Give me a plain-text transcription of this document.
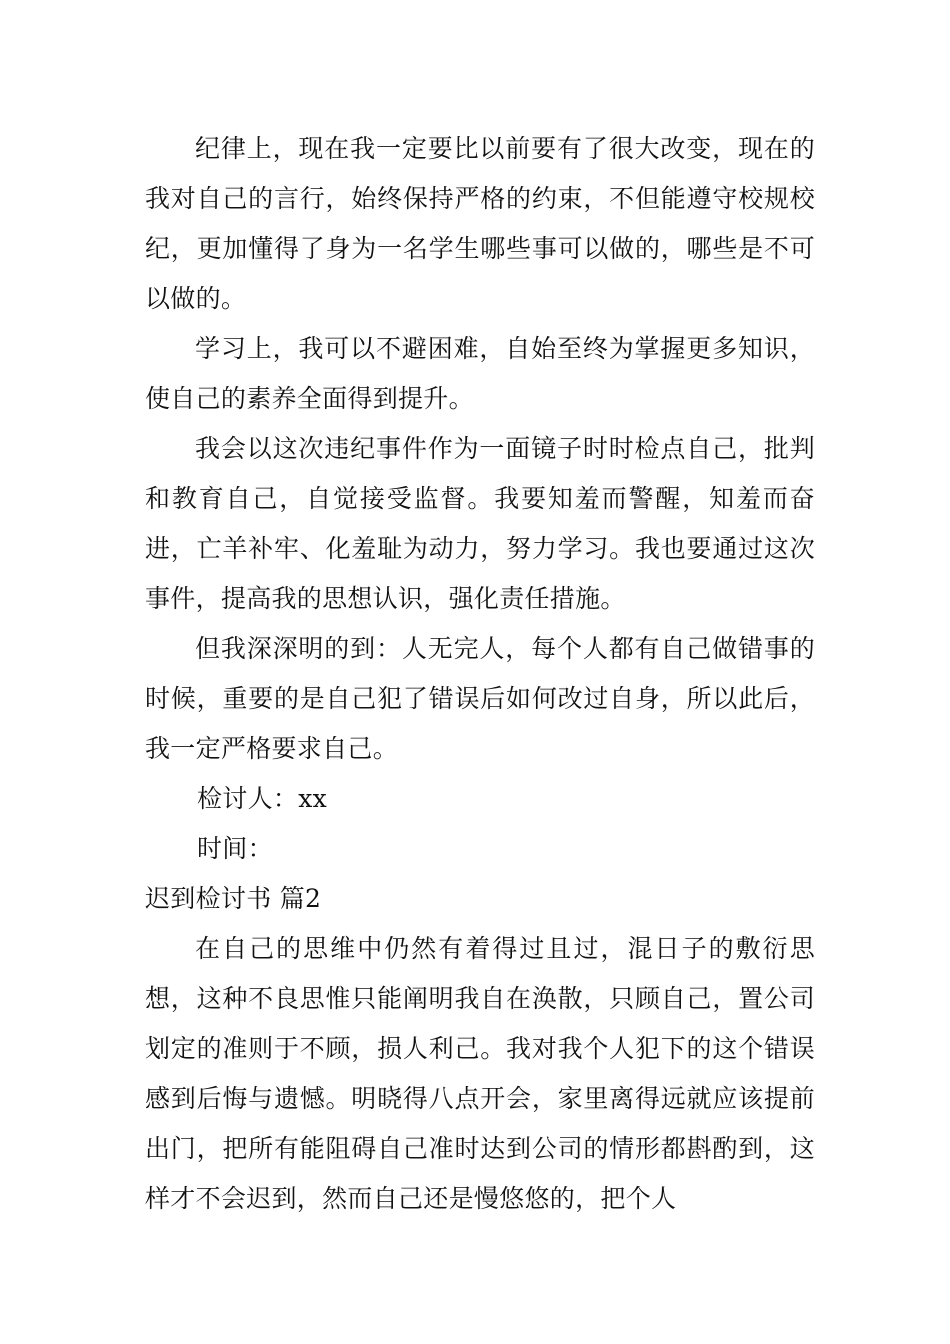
纪律上，现在我一定要比以前要有了很大改变，现在的我对自己的言行，始终保持严格的约束，不但能遵守校规校纪，更加懂得了身为一名学生哪些事可以做的，哪些是不可以做的。

学习上，我可以不避困难，自始至终为掌握更多知识，使自己的素养全面得到提升。

我会以这次违纪事件作为一面镜子时时检点自己，批判和教育自己，自觉接受监督。我要知羞而警醒，知羞而奋进，亡羊补牢、化羞耻为动力，努力学习。我也要通过这次事件，提高我的思想认识，强化责任措施。

但我深深明的到：人无完人，每个人都有自己做错事的时候，重要的是自己犯了错误后如何改过自身，所以此后，我一定严格要求自己。

检讨人：xx

时间：

迟到检讨书 篇2

在自己的思维中仍然有着得过且过，混日子的敷衍思想，这种不良思惟只能阐明我自在涣散，只顾自己，置公司划定的准则于不顾，损人利己。我对我个人犯下的这个错误感到后悔与遗憾。明晓得八点开会，家里离得远就应该提前出门，把所有能阻碍自己准时达到公司的情形都斟酌到，这样才不会迟到，然而自己还是慢悠悠的，把个人
